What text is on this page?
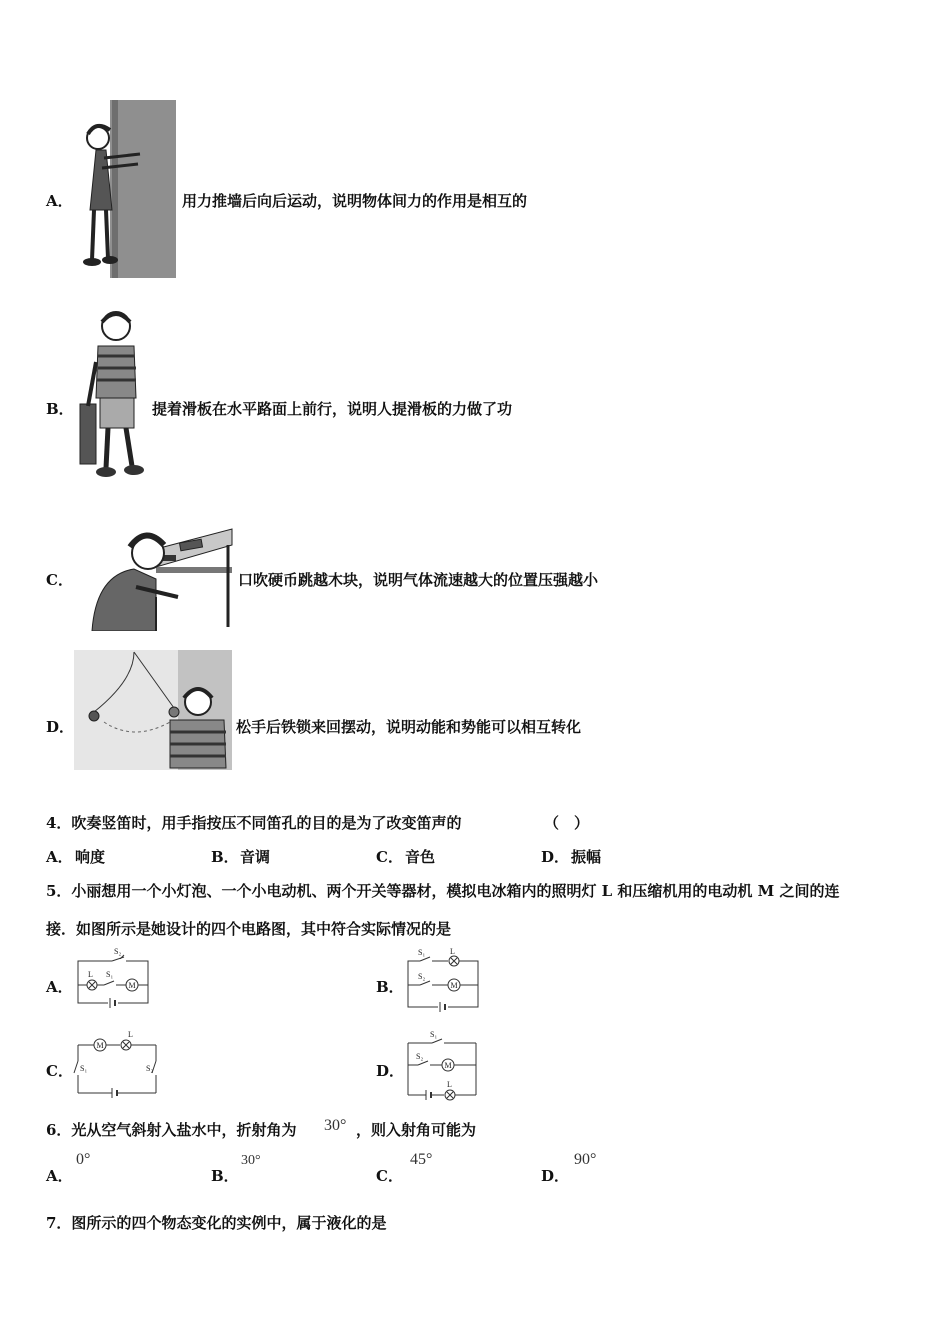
A．	用力推墙后向后运动，说明物体间力的作用是相互的
B．	提着滑板在水平路面上前行，说明人提滑板的力做了功
C．	口吹硬币跳越木块，说明气体流速越大的位置压强越小
D．	松手后铁锁来回摆动，说明动能和势能可以相互转化
4．吹奏竖笛时，用手指按压不同笛孔的目的是为了改变笛声的	（　）
A． 响度	B． 音调	C． 音色	D． 振幅
5．小丽想用一个小灯泡、一个小电动机、两个开关等器材，模拟电冰箱内的照明灯 L 和压缩机用的电动机 M 之间的连
接．如图所示是她设计的四个电路图，其中符合实际情况的是
A．
S₂
L S₁
M	B．
S₁	L
S₂
M
C．
M
L
S₁	S₂	D．
S₁
S₂
M
L
6．光从空气斜射入盐水中，折射角为 30° ，则入射角可能为
A．
0°
B．
30°
C．
45°
D．
90°
7．图所示的四个物态变化的实例中，属于液化的是
